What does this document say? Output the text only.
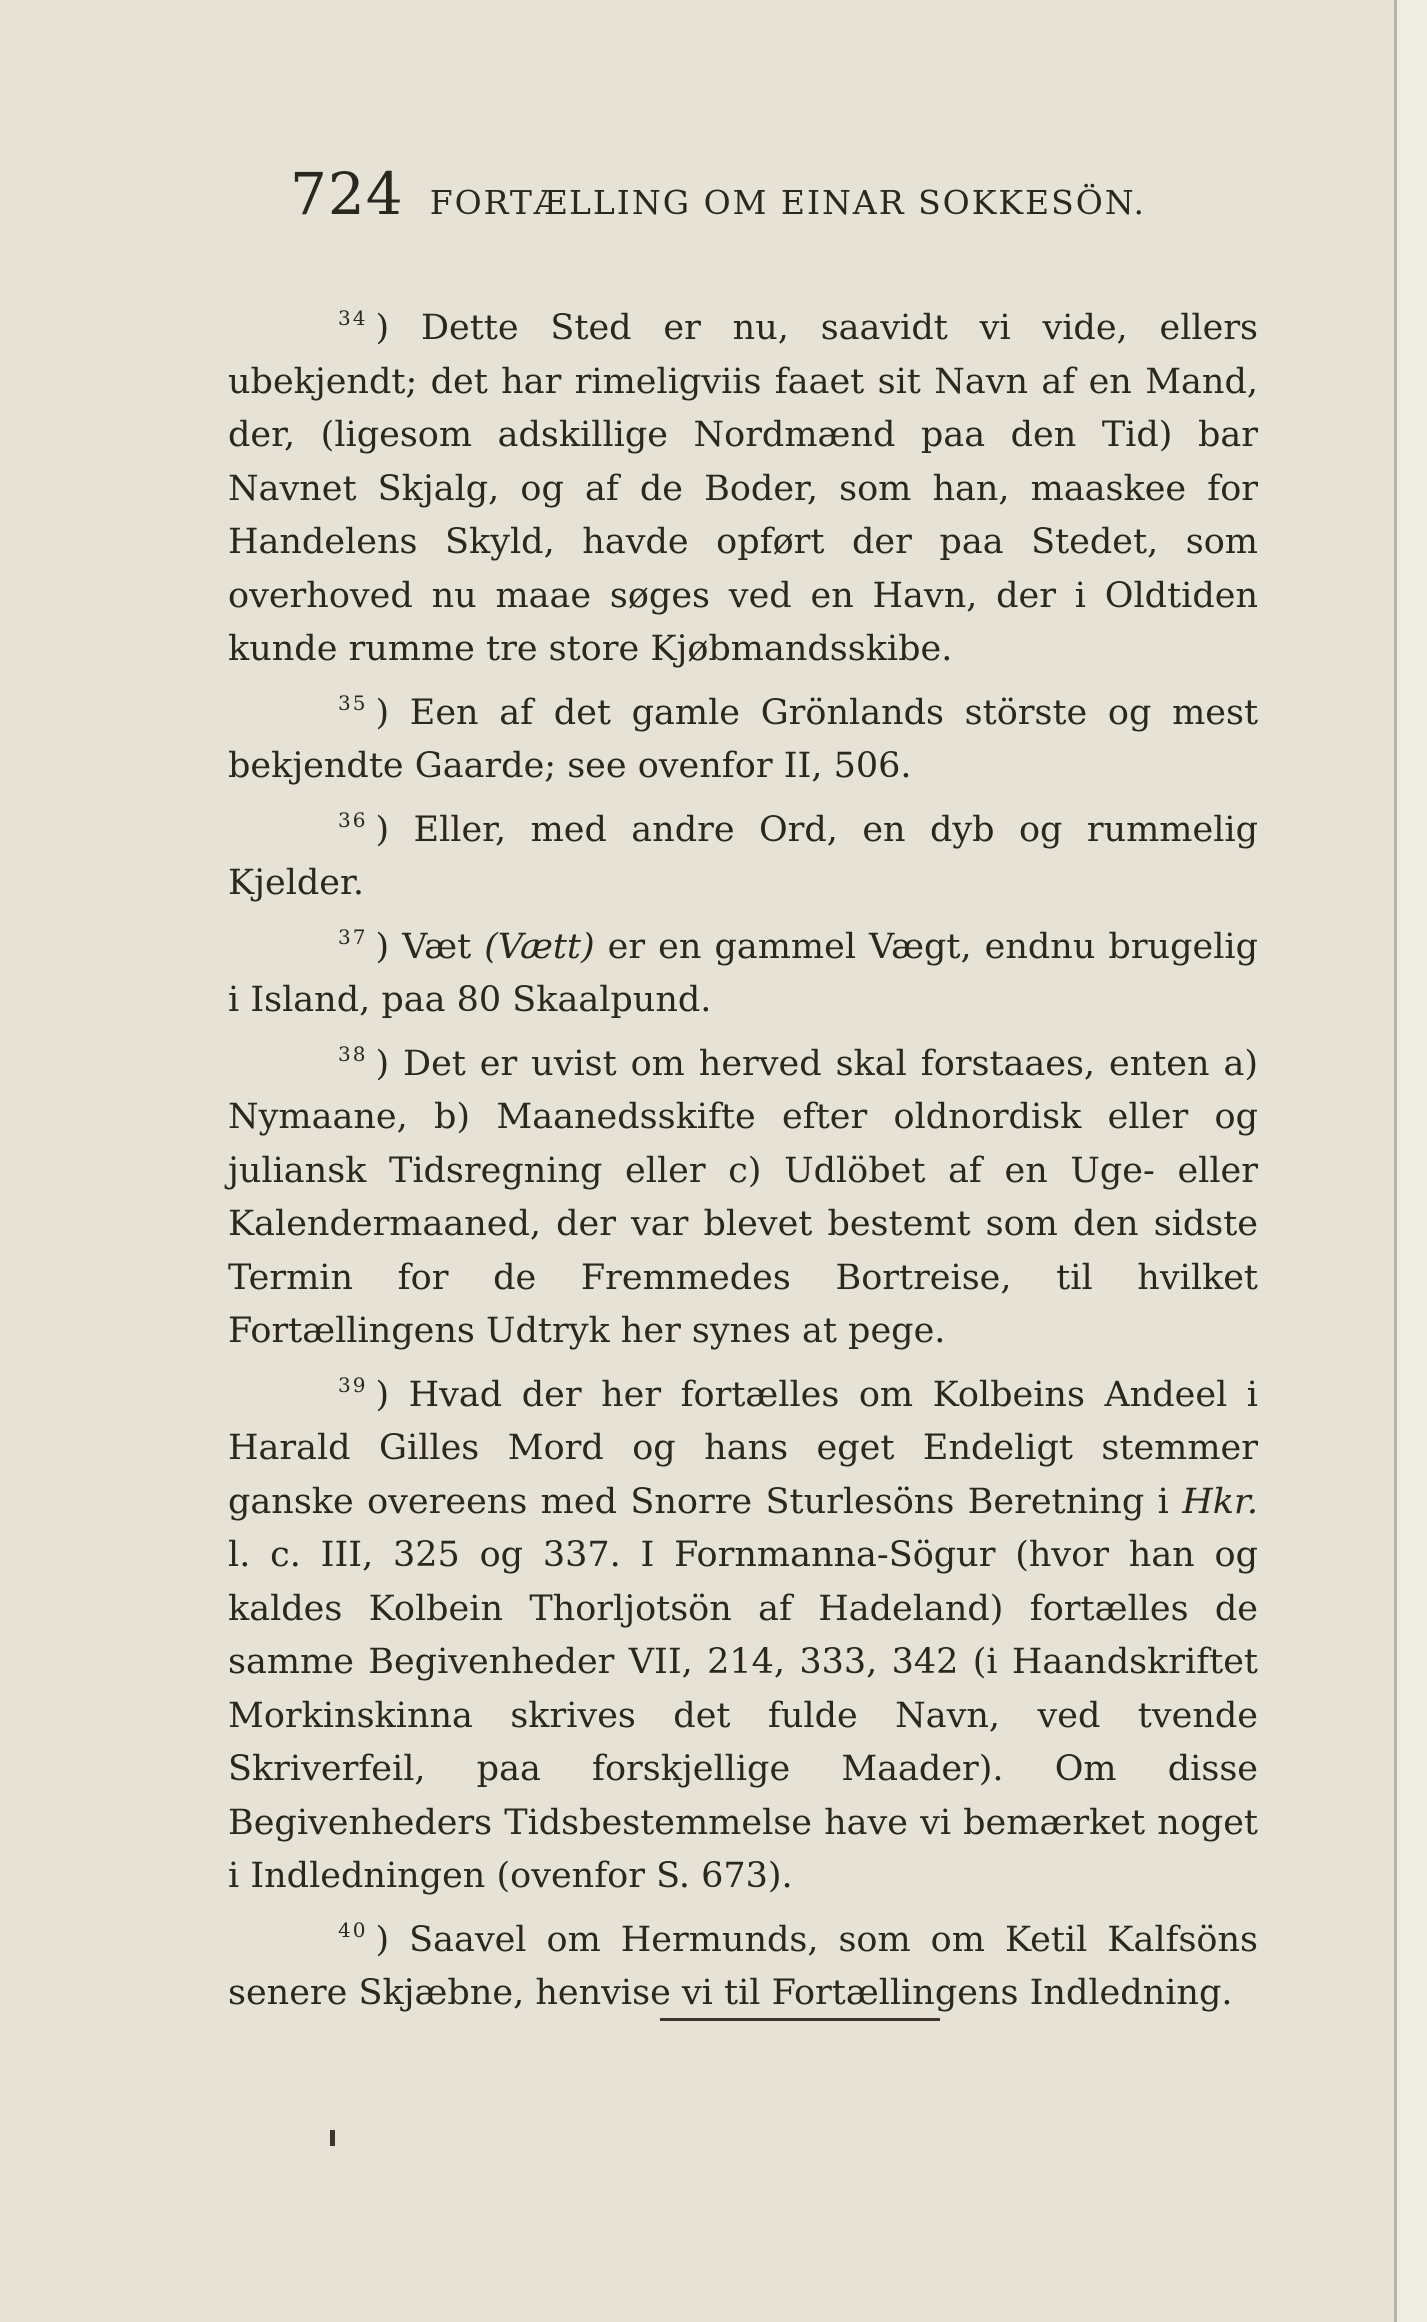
724 FORTÆLLING OM EINAR SOKKESÖN.

$^{34}$ ) Dette Sted er nu, saavidt vi vide, ellers ubekjendt; det har rimeligviis faaet sit Navn af en Mand, der, (ligesom adskillige Nordmænd paa den Tid) bar Navnet Skjalg, og af de Boder, som han, maaskee for Handelens Skyld, havde opført der paa Stedet, som overhoved nu maae søges ved en Havn, der i Oldtiden kunde rumme tre store Kjøbmandsskibe.

$^{35}$ ) Een af det gamle Grönlands störste og mest bekjendte Gaarde; see ovenfor II, 506.

$^{36}$ ) Eller, med andre Ord, en dyb og rummelig Kjelder.

$^{37}$ ) Væt (Vætt) er en gammel Vægt, endnu brugelig i Island, paa 80 Skaalpund.

$^{38}$ ) Det er uvist om herved skal forstaaes, enten a) Nymaane, b) Maanedsskifte efter oldnordisk eller og juliansk Tidsregning eller c) Udlöbet af en Uge- eller Kalendermaaned, der var blevet bestemt som den sidste Termin for de Fremmedes Bortreise, til hvilket Fortællingens Udtryk her synes at pege.

$^{39}$ ) Hvad der her fortælles om Kolbeins Andeel i Harald Gilles Mord og hans eget Endeligt stemmer ganske overeens med Snorre Sturlesöns Beretning i Hkr. l. c. III, 325 og 337. I Fornmanna-Sögur (hvor han og kaldes Kolbein Thorljotsön af Hadeland) fortælles de samme Begivenheder VII, 214, 333, 342 (i Haandskriftet Morkinskinna skrives det fulde Navn, ved tvende Skriverfeil, paa forskjellige Maader). Om disse Begivenheders Tidsbestemmelse have vi bemærket noget i Indledningen (ovenfor S. 673).

$^{40}$ ) Saavel om Hermunds, som om Ketil Kalfsöns senere Skjæbne, henvise vi til Fortællingens Indledning.
